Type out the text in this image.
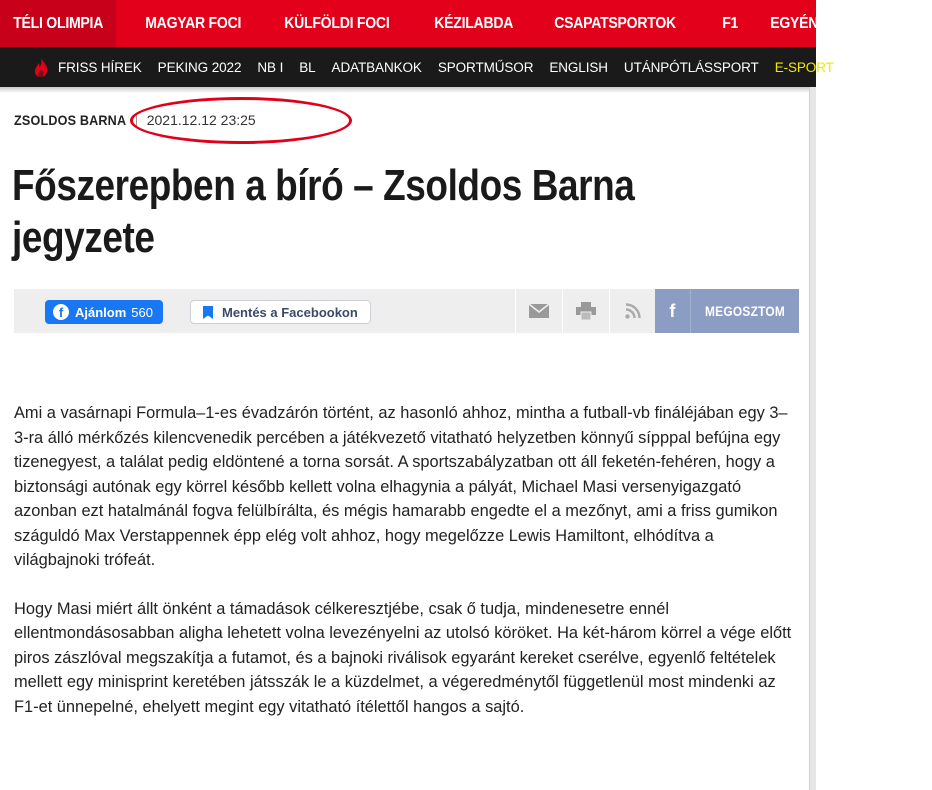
TÉLI OLIMPIA	MAGYAR FOCI	KÜLFÖLDI FOCI	KÉZILABDA	CSAPATSPORTOK	F1	EGYÉNI
FRISS HÍREK	PEKING 2022	NB I	BL	ADATBANKOK	SPORTMŰSOR	ENGLISH	UTÁNPÓTLÁSSPORT	E-SPORT
ZSOLDOS BARNA 2021.12.12 23:25
Főszerepben a bíró – Zsoldos Barna jegyzete
f Ajánlom 560	Mentés a Facebookon	f	MEGOSZTOM

Ami a vasárnapi Formula–1-es évadzárón történt, az hasonló ahhoz, mintha a futball-vb fináléjában egy 3–3-ra álló mérkőzés kilencvenedik percében a játékvezető vitatható helyzetben könnyű sípppal befújna egy tizenegyest, a találat pedig eldöntené a torna sorsát. A sportszabályzatban ott áll feketén-fehéren, hogy a biztonsági autónak egy körrel később kellett volna elhagynia a pályát, Michael Masi versenyigazgató azonban ezt hatalmánál fogva felülbírálta, és mégis hamarabb engedte el a mezőnyt, ami a friss gumikon száguldó Max Verstappennek épp elég volt ahhoz, hogy megelőzze Lewis Hamiltont, elhódítva a világbajnoki trófeát.

Hogy Masi miért állt önként a támadások célkeresztjébe, csak ő tudja, mindenesetre ennél ellentmondásosabban aligha lehetett volna levezényelni az utolsó köröket. Ha két-három körrel a vége előtt piros zászlóval megszakítja a futamot, és a bajnoki riválisok egyaránt kereket cserélve, egyenlő feltételek mellett egy minisprint keretében játsszák le a küzdelmet, a végeredménytől függetlenül most mindenki az F1-et ünnepelné, ehelyett megint egy vitatható ítélettől hangos a sajtó.
